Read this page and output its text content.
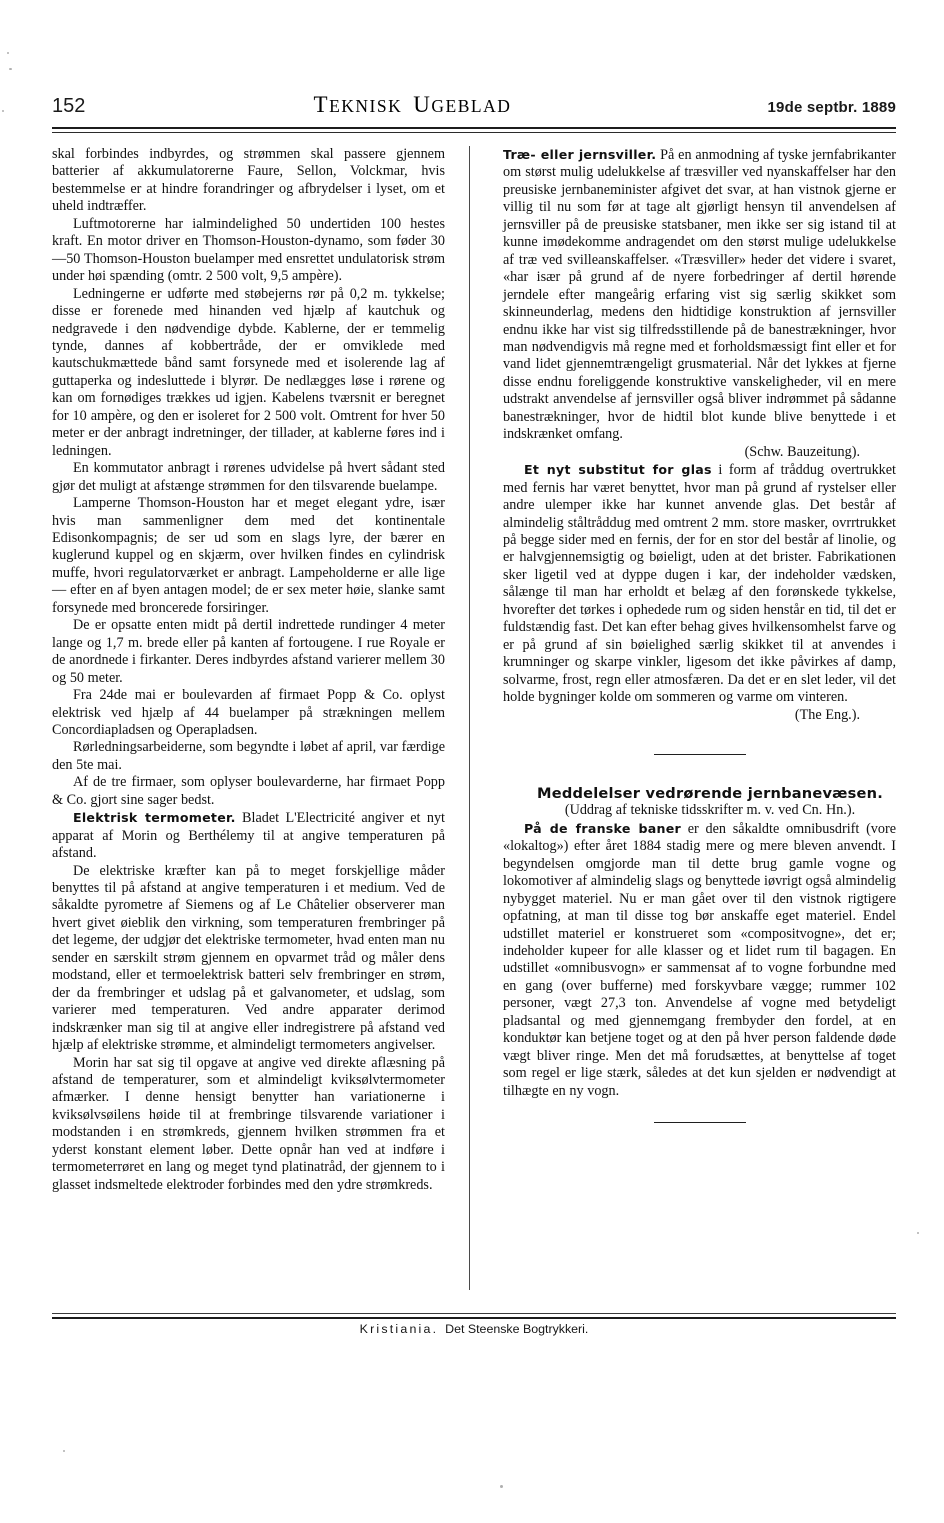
152	TEKNISK UGEBLAD	19de septbr. 1889

skal forbindes indbyrdes, og strømmen skal passere gjennem batterier af akkumulatorerne Faure, Sellon, Volckmar, hvis bestemmelse er at hindre forandringer og afbrydelser i lyset, om et uheld indtræffer.

Luftmotorerne har ialmindelighed 50 undertiden 100 hestes kraft. En motor driver en Thomson-Houston-dynamo, som føder 30—50 Thomson-Houston buelamper med ensrettet undulatorisk strøm under høi spænding (omtr. 2 500 volt, 9,5 ampère).

Ledningerne er udførte med støbejerns rør på 0,2 m. tykkelse; disse er forenede med hinanden ved hjælp af kautchuk og nedgravede i den nødvendige dybde. Kablerne, der er temmelig tynde, dannes af kobbertråde, der er omviklede med kautschukmættede bånd samt forsynede med et isolerende lag af guttaperka og indesluttede i blyrør. De nedlægges løse i rørene og kan om fornødiges trækkes ud igjen. Kabelens tværsnit er beregnet for 10 ampère, og den er isoleret for 2 500 volt. Omtrent for hver 50 meter er der anbragt indretninger, der tillader, at kablerne føres ind i ledningen.

En kommutator anbragt i rørenes udvidelse på hvert sådant sted gjør det muligt at afstænge strømmen for den tilsvarende buelampe.

Lamperne Thomson-Houston har et meget elegant ydre, især hvis man sammenligner dem med det kontinentale Edisonkompagnis; de ser ud som en slags lyre, der bærer en kuglerund kuppel og en skjærm, over hvilken findes en cylindrisk muffe, hvori regulatorværket er anbragt. Lampeholderne er alle lige — efter en af byen antagen model; de er sex meter høie, slanke samt forsynede med broncerede forsiringer.

De er opsatte enten midt på dertil indrettede rundinger 4 meter lange og 1,7 m. brede eller på kanten af fortougene. I rue Royale er de anordnede i firkanter. Deres indbyrdes afstand varierer mellem 30 og 50 meter.

Fra 24de mai er boulevarden af firmaet Popp & Co. oplyst elektrisk ved hjælp af 44 buelamper på strækningen mellem Concordiapladsen og Operapladsen.

Rørledningsarbeiderne, som begyndte i løbet af april, var færdige den 5te mai.

Af de tre firmaer, som oplyser boulevarderne, har firmaet Popp & Co. gjort sine sager bedst.

Elektrisk termometer. Bladet L'Electricité angiver et nyt apparat af Morin og Berthélemy til at angive temperaturen på afstand.

De elektriske kræfter kan på to meget forskjellige måder benyttes til på afstand at angive temperaturen i et medium. Ved de såkaldte pyrometre af Siemens og af Le Châtelier observerer man hvert givet øieblik den virkning, som temperaturen frembringer på det legeme, der udgjør det elektriske termometer, hvad enten man nu sender en særskilt strøm gjennem en opvarmet tråd og måler dens modstand, eller et termoelektrisk batteri selv frembringer en strøm, der da frembringer et udslag på et galvanometer, et udslag, som varierer med temperaturen. Ved andre apparater derimod indskrænker man sig til at angive eller indregistrere på afstand ved hjælp af elektriske strømme, et almindeligt termometers angivelser.

Morin har sat sig til opgave at angive ved direkte aflæsning på afstand de temperaturer, som et almindeligt kviksølvtermometer afmærker. I denne hensigt benytter han variationerne i kviksølvsøilens høide til at frembringe tilsvarende variationer i modstanden i en strømkreds, gjennem hvilken strømmen fra et yderst konstant element løber. Dette opnår han ved at indføre i termometerrøret en lang og meget tynd platinatråd, der gjennem to i glasset indsmeltede elektroder forbindes med den ydre strømkreds.

Træ- eller jernsviller. På en anmodning af tyske jernfabrikanter om størst mulig udelukkelse af træsviller ved nyanskaffelser har den preusiske jernbaneminister afgivet det svar, at han vistnok gjerne er villig til nu som før at tage alt gjørligt hensyn til anvendelsen af jernsviller på de preusiske statsbaner, men ikke ser sig istand til at kunne imødekomme andragendet om den størst mulige udelukkelse af træ ved svilleanskaffelser. «Træsviller» heder det videre i svaret, «har især på grund af de nyere forbedringer af dertil hørende jerndele efter mangeårig erfaring vist sig særlig skikket som skinneunderlag, medens den hidtidige konstruktion af jernsviller endnu ikke har vist sig tilfredsstillende på de banestrækninger, hvor man nødvendigvis må regne med et forholdsmæssigt fint eller et for vand lidet gjennemtrængeligt grusmaterial. Når det lykkes at fjerne disse endnu foreliggende konstruktive vanskeligheder, vil en mere udstrakt anvendelse af jernsviller også bliver indrømmet på sådanne banestrækninger, hvor de hidtil blot kunde blive benyttede i et indskrænket omfang.

(Schw. Bauzeitung).

Et nyt substitut for glas i form af tråddug overtrukket med fernis har været benyttet, hvor man på grund af rystelser eller andre ulemper ikke har kunnet anvende glas. Det består af almindelig ståltråddug med omtrent 2 mm. store masker, ovrrtrukket på begge sider med en fernis, der for en stor del består af linolie, og er halvgjennemsigtig og bøieligt, uden at det brister. Fabrikationen sker ligetil ved at dyppe dugen i kar, der indeholder vædsken, sålænge til man har erholdt et belæg af den forønskede tykkelse, hvorefter det tørkes i ophedede rum og siden henstår en tid, til det er fuldstændig fast. Det kan efter behag gives hvilkensomhelst farve og er på grund af sin bøielighed særlig skikket til at anvendes i krumninger og skarpe vinkler, ligesom det ikke påvirkes af damp, solvarme, frost, regn eller atmosfæren. Da det er en slet leder, vil det holde bygninger kolde om sommeren og varme om vinteren.

(The Eng.).

Meddelelser vedrørende jernbanevæsen.

(Uddrag af tekniske tidsskrifter m. v. ved Cn. Hn.).

På de franske baner er den såkaldte omnibusdrift (vore «lokaltog») efter året 1884 stadig mere og mere bleven anvendt. I begyndelsen omgjorde man til dette brug gamle vogne og lokomotiver af almindelig slags og benyttede iøvrigt også almindelig nybygget materiel. Nu er man gået over til den vistnok rigtigere opfatning, at man til disse tog bør anskaffe eget materiel. Endel udstillet materiel er konstrueret som «compositvogne», det er; indeholder kupeer for alle klasser og et lidet rum til bagagen. En udstillet «omnibusvogn» er sammensat af to vogne forbundne med en gang (over bufferne) med forskyvbare vægge; rummer 102 personer, vægt 27,3 ton. Anvendelse af vogne med betydeligt pladsantal og med gjennemgang frembyder den fordel, at en konduktør kan betjene toget og at den på hver person faldende døde vægt bliver ringe. Men det må forudsættes, at benyttelse af toget som regel er lige stærk, således at det kun sjelden er nødvendigt at tilhægte en ny vogn.

Kristiania. Det Steenske Bogtrykkeri.
